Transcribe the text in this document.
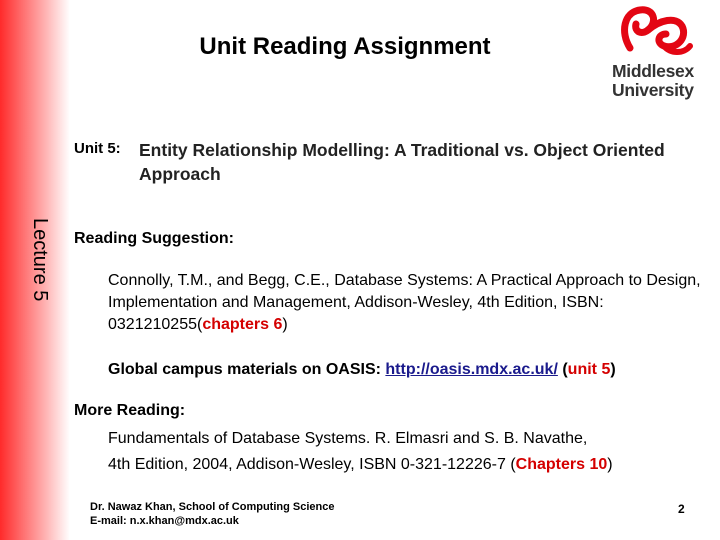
Unit Reading Assignment
Middlesex
University
Lecture 5
Unit 5: Entity Relationship Modelling: A Traditional vs. Object Oriented Approach
Reading Suggestion:
Connolly, T.M., and Begg, C.E., Database Systems: A Practical Approach to Design, Implementation and Management, Addison-Wesley, 4th Edition, ISBN: 0321210255(chapters 6)
Global campus materials on OASIS: http://oasis.mdx.ac.uk/ (unit 5)
More Reading:
Fundamentals of Database Systems. R. Elmasri and S. B. Navathe,
4th Edition, 2004, Addison-Wesley, ISBN 0-321-12226-7 (Chapters 10)
Dr. Nawaz Khan, School of Computing Science
E-mail: n.x.khan@mdx.ac.uk
2
